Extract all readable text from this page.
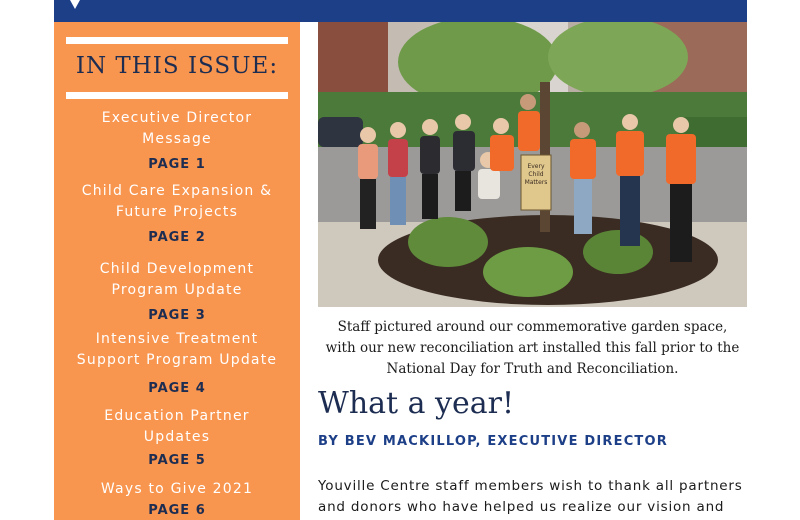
IN THIS ISSUE:
Executive Director
Message
PAGE 1
Child Care Expansion &
Future Projects
PAGE 2
Child Development
Program Update
PAGE 3
Intensive Treatment
Support Program Update
PAGE 4
Education Partner
Updates
PAGE 5
Ways to Give 2021
PAGE 6
Every
Child
Matters
Staff pictured around our commemorative garden space,
with our new reconciliation art installed this fall prior to the
National Day for Truth and Reconciliation.
What a year!
BY BEV MACKILLOP, EXECUTIVE DIRECTOR
Youville Centre staff members wish to thank all partners
and donors who have helped us realize our vision and
